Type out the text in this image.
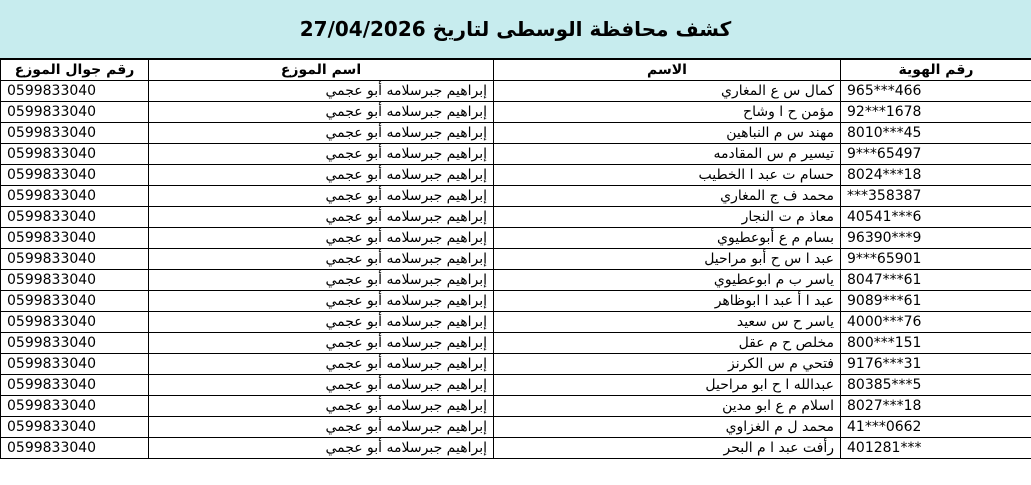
كشف محافظة الوسطى لتاريخ 27/04/2026
رقم جوال الموزع	اسم الموزع	الاسم	رقم الهوية
0599833040	إبراهيم جبرسلامه أبو عجمي	كمال س ع المغاري	965***466
0599833040	إبراهيم جبرسلامه أبو عجمي	مؤمن ح ا وشاح	92***1678
0599833040	إبراهيم جبرسلامه أبو عجمي	مهند س م النباهين	8010***45
0599833040	إبراهيم جبرسلامه أبو عجمي	تيسير م س المقادمه	9***65497
0599833040	إبراهيم جبرسلامه أبو عجمي	حسام ت عبد ا الخطيب	8024***18
0599833040	إبراهيم جبرسلامه أبو عجمي	محمد ف ج المغاري	***358387
0599833040	إبراهيم جبرسلامه أبو عجمي	معاذ م ت النجار	40541***6
0599833040	إبراهيم جبرسلامه أبو عجمي	بسام م ع أبوعطيوي	96390***9
0599833040	إبراهيم جبرسلامه أبو عجمي	عبد ا س ح أبو مراحيل	9***65901
0599833040	إبراهيم جبرسلامه أبو عجمي	ياسر ب م ابوعطيوي	8047***61
0599833040	إبراهيم جبرسلامه أبو عجمي	عبد ا أ عبد ا ابوظاهر	9089***61
0599833040	إبراهيم جبرسلامه أبو عجمي	ياسر ح س سعيد	4000***76
0599833040	إبراهيم جبرسلامه أبو عجمي	مخلص ح م عقل	800***151
0599833040	إبراهيم جبرسلامه أبو عجمي	فتحي م س الكرنز	9176***31
0599833040	إبراهيم جبرسلامه أبو عجمي	عبدالله ا ح ابو مراحيل	80385***5
0599833040	إبراهيم جبرسلامه أبو عجمي	اسلام م ع ابو مدين	8027***18
0599833040	إبراهيم جبرسلامه أبو عجمي	محمد ل م الغزاوي	41***0662
0599833040	إبراهيم جبرسلامه أبو عجمي	رأفت عبد ا م البحر	401281***
